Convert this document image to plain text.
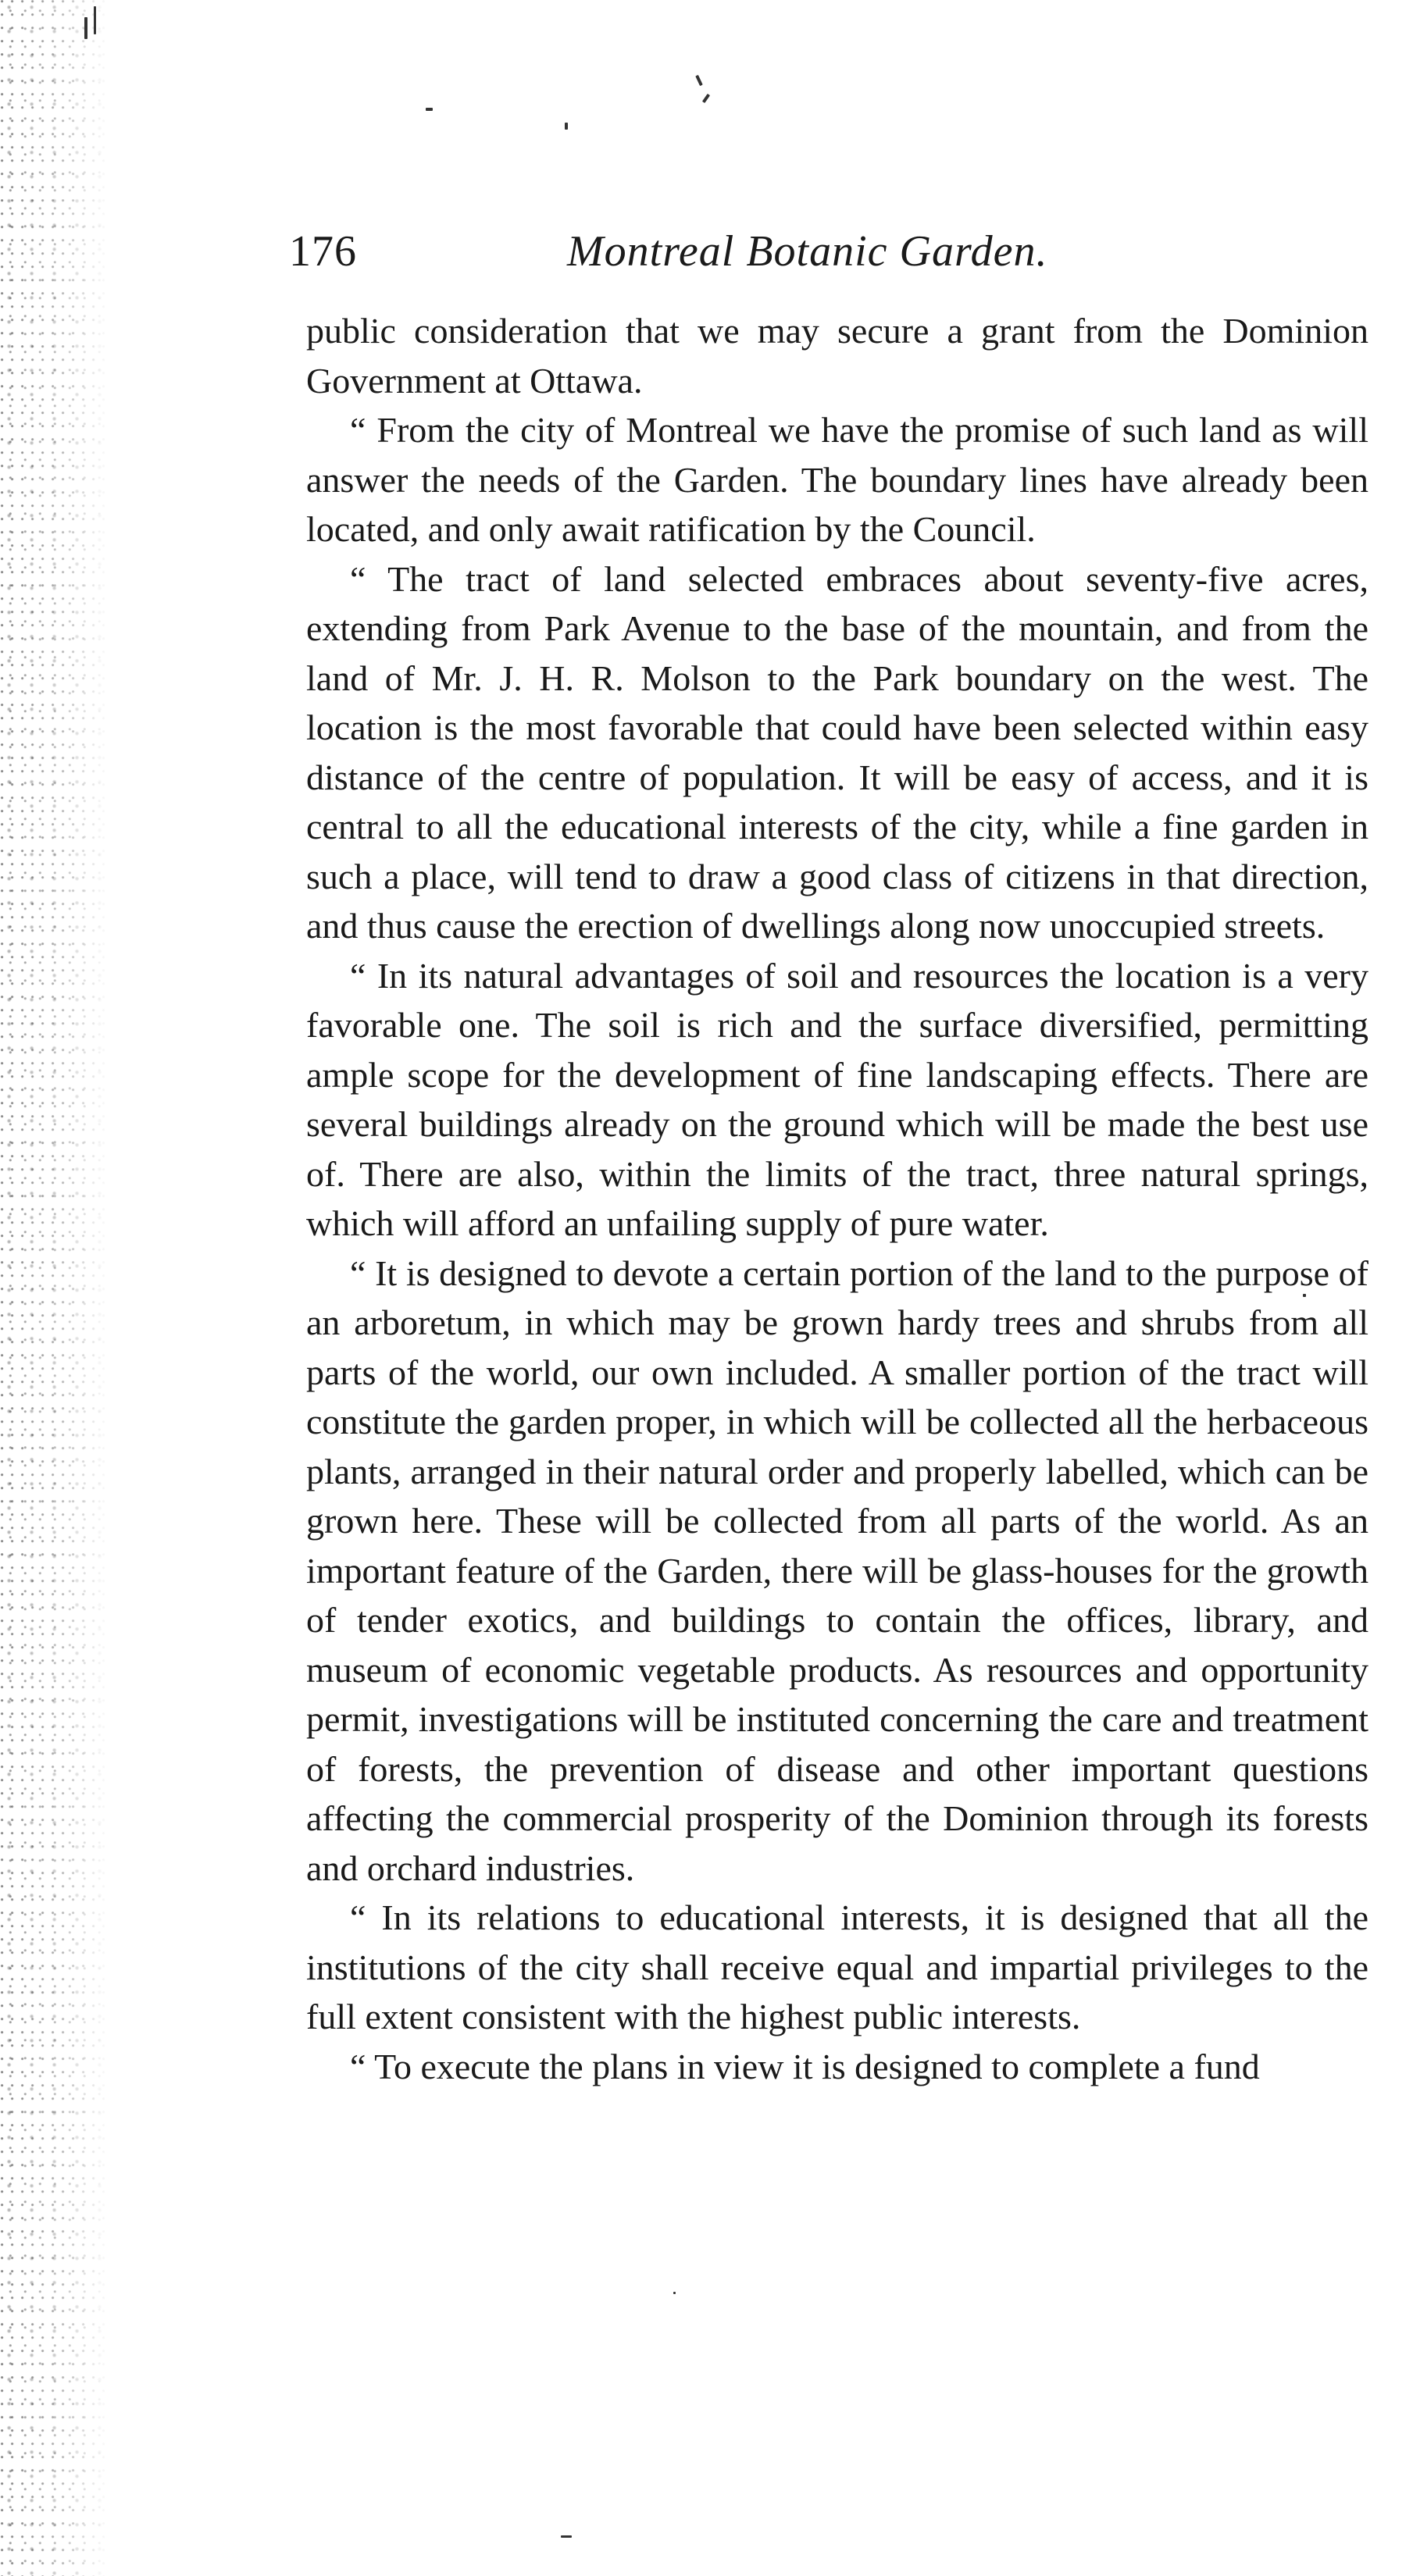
176	Montreal Botanic Garden.

public consideration that we may secure a grant from the Dominion Government at Ottawa.

“ From the city of Montreal we have the promise of such land as will answer the needs of the Garden. The boundary lines have already been located, and only await ratification by the Council.

“ The tract of land selected embraces about seventy-five acres, extending from Park Avenue to the base of the mountain, and from the land of Mr. J. H. R. Molson to the Park boundary on the west. The location is the most favorable that could have been selected within easy distance of the centre of population. It will be easy of access, and it is central to all the educational interests of the city, while a fine garden in such a place, will tend to draw a good class of citizens in that direction, and thus cause the erection of dwellings along now unoccupied streets.

“ In its natural advantages of soil and resources the location is a very favorable one. The soil is rich and the surface diversified, permitting ample scope for the development of fine landscaping effects. There are several buildings already on the ground which will be made the best use of. There are also, within the limits of the tract, three natural springs, which will afford an unfailing supply of pure water.

“ It is designed to devote a certain portion of the land to the purpose of an arboretum, in which may be grown hardy trees and shrubs from all parts of the world, our own included. A smaller portion of the tract will constitute the garden proper, in which will be collected all the herbaceous plants, arranged in their natural order and properly labelled, which can be grown here. These will be collected from all parts of the world. As an important feature of the Garden, there will be glass-houses for the growth of tender exotics, and buildings to contain the offices, library, and museum of economic vegetable products. As resources and opportunity permit, investigations will be instituted concerning the care and treatment of forests, the prevention of disease and other important questions affecting the commercial prosperity of the Dominion through its forests and orchard industries.

“ In its relations to educational interests, it is designed that all the institutions of the city shall receive equal and impartial privileges to the full extent consistent with the highest public interests.

“ To execute the plans in view it is designed to complete a fund
